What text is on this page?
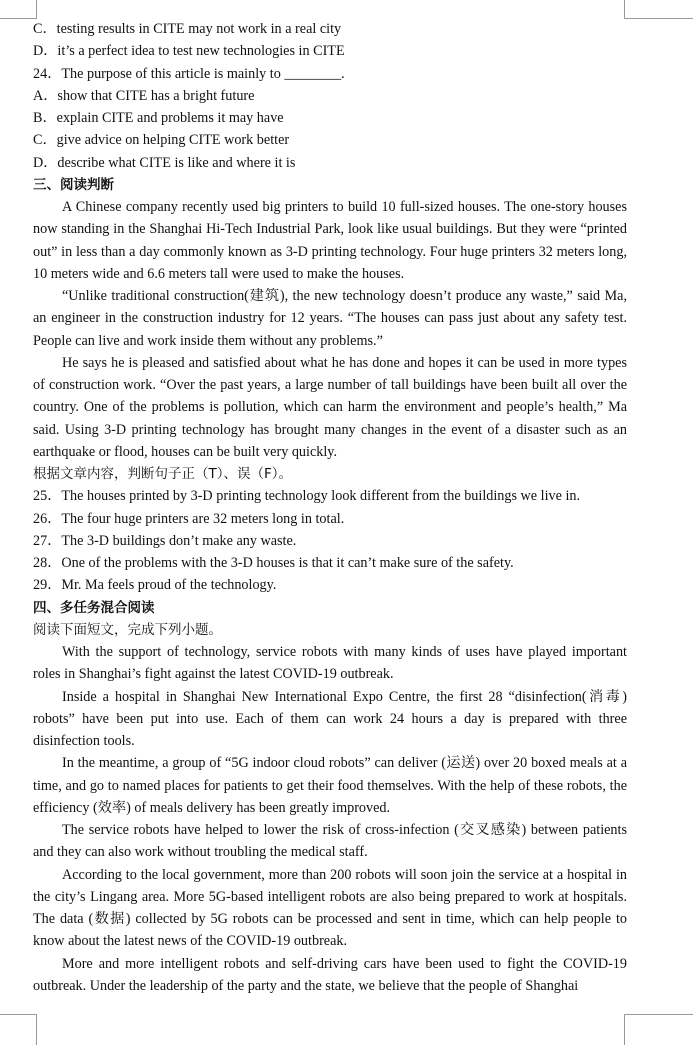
C．testing results in CITE may not work in a real city
D．it’s a perfect idea to test new technologies in CITE
24．The purpose of this article is mainly to ________.
A．show that CITE has a bright future
B．explain CITE and problems it may have
C．give advice on helping CITE work better
D．describe what CITE is like and where it is
三、阅读判断
A Chinese company recently used big printers to build 10 full-sized houses. The one-story houses now standing in the Shanghai Hi-Tech Industrial Park, look like usual buildings. But they were “printed out” in less than a day commonly known as 3-D printing technology. Four huge printers 32 meters long, 10 meters wide and 6.6 meters tall were used to make the houses.
“Unlike traditional construction(建筑), the new technology doesn’t produce any waste,” said Ma, an engineer in the construction industry for 12 years. “The houses can pass just about any safety test. People can live and work inside them without any problems.”
He says he is pleased and satisfied about what he has done and hopes it can be used in more types of construction work. “Over the past years, a large number of tall buildings have been built all over the country. One of the problems is pollution, which can harm the environment and people’s health,” Ma said. Using 3-D printing technology has brought many changes in the event of a disaster such as an earthquake or flood, houses can be built very quickly.
根据文章内容，判断句子正（T）、误（F）。
25．The houses printed by 3-D printing technology look different from the buildings we live in.
26．The four huge printers are 32 meters long in total.
27．The 3-D buildings don’t make any waste.
28．One of the problems with the 3-D houses is that it can’t make sure of the safety.
29．Mr. Ma feels proud of the technology.
四、多任务混合阅读
阅读下面短文，完成下列小题。
With the support of technology, service robots with many kinds of uses have played important roles in Shanghai’s fight against the latest COVID-19 outbreak.
Inside a hospital in Shanghai New International Expo Centre, the first 28 “disinfection(消毒) robots” have been put into use. Each of them can work 24 hours a day is prepared with three disinfection tools.
In the meantime, a group of “5G indoor cloud robots” can deliver (运送) over 20 boxed meals at a time, and go to named places for patients to get their food themselves. With the help of these robots, the efficiency (效率) of meals delivery has been greatly improved.
The service robots have helped to lower the risk of cross-infection (交叉感染) between patients and they can also work without troubling the medical staff.
According to the local government, more than 200 robots will soon join the service at a hospital in the city’s Lingang area. More 5G-based intelligent robots are also being prepared to work at hospitals. The data (数据) collected by 5G robots can be processed and sent in time, which can help people to know about the latest news of the COVID-19 outbreak.
More and more intelligent robots and self-driving cars have been used to fight the COVID-19 outbreak. Under the leadership of the party and the state, we believe that the people of Shanghai
